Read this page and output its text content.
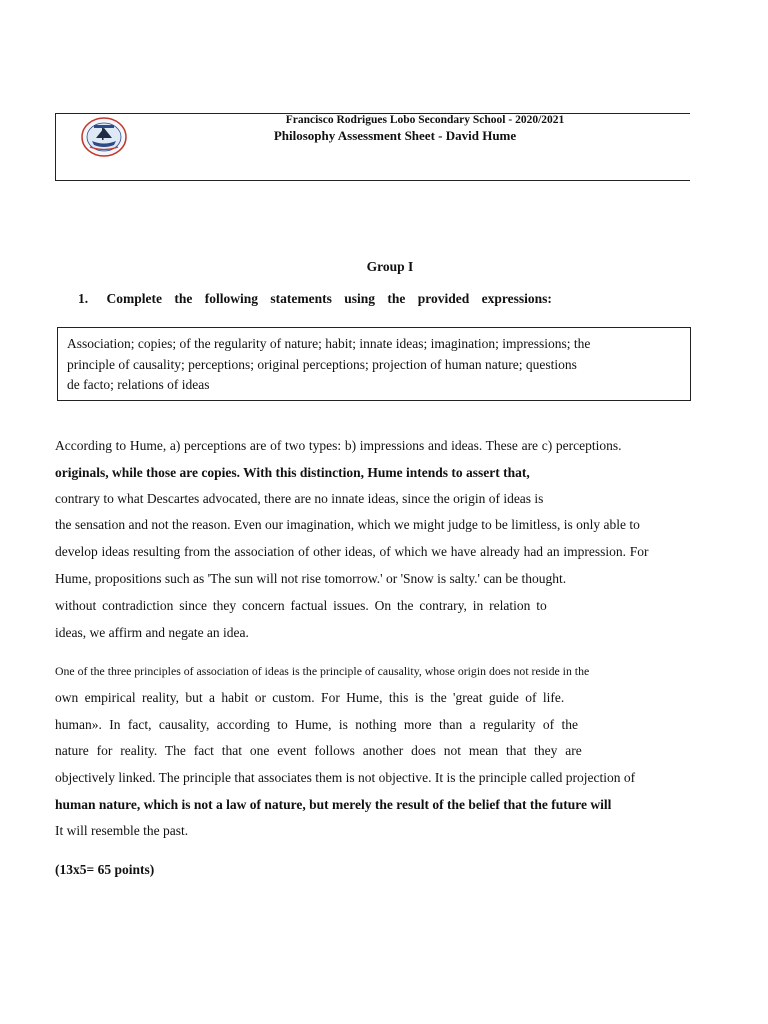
Francisco Rodrigues Lobo Secondary School - 2020/2021
Philosophy Assessment Sheet - David Hume
Group I
1. Complete the following statements using the provided expressions:
Association; copies; of the regularity of nature; habit; innate ideas; imagination; impressions; the
principle of causality; perceptions; original perceptions; projection of human nature; questions
de facto; relations of ideas
According to Hume, a) perceptions are of two types: b) impressions and ideas. These are c) perceptions.
originals, while those are copies. With this distinction, Hume intends to assert that,
contrary to what Descartes advocated, there are no innate ideas, since the origin of ideas is
the sensation and not the reason. Even our imagination, which we might judge to be limitless, is only able to
develop ideas resulting from the association of other ideas, of which we have already had an impression. For
Hume, propositions such as 'The sun will not rise tomorrow.' or 'Snow is salty.' can be thought.
without contradiction since they concern factual issues. On the contrary, in relation to
ideas, we affirm and negate an idea.
One of the three principles of association of ideas is the principle of causality, whose origin does not reside in the
own empirical reality, but a habit or custom. For Hume, this is the 'great guide of life.
human». In fact, causality, according to Hume, is nothing more than a regularity of the
nature for reality. The fact that one event follows another does not mean that they are
objectively linked. The principle that associates them is not objective. It is the principle called projection of
human nature, which is not a law of nature, but merely the result of the belief that the future will
It will resemble the past.
(13x5= 65 points)
